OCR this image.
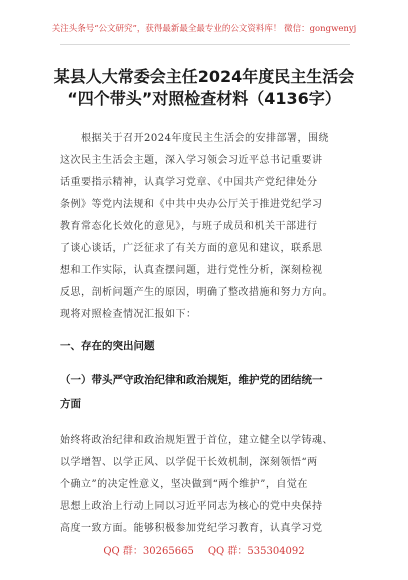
关注头条号“公文研究”，获得最新最全最专业的公文资料库！ 微信：gongwenyj
某县人大常委会主任2024年度民主生活会
“四个带头”对照检查材料（4136字）
　　根据关于召开2024年度民主生活会的安排部署，围绕
这次民主生活会主题，深入学习领会习近平总书记重要讲
话重要指示精神，认真学习党章、《中国共产党纪律处分
条例》等党内法规和《中共中央办公厅关于推进党纪学习
教育常态化长效化的意见》，与班子成员和机关干部进行
了谈心谈话，广泛征求了有关方面的意见和建议，联系思
想和工作实际，认真查摆问题，进行党性分析，深刻检视
反思，剖析问题产生的原因，明确了整改措施和努力方向。
现将对照检查情况汇报如下：
一、存在的突出问题
（一）带头严守政治纪律和政治规矩，维护党的团结统一
方面
始终将政治纪律和政治规矩置于首位，建立健全以学铸魂、
以学增智、以学正风、以学促干长效机制，深刻领悟“两
个确立”的决定性意义，坚决做到“两个维护”，自觉在
思想上政治上行动上同以习近平同志为核心的党中央保持
高度一致方面。能够积极参加党纪学习教育，认真学习党
QQ 群：30265665 QQ 群：535304092
